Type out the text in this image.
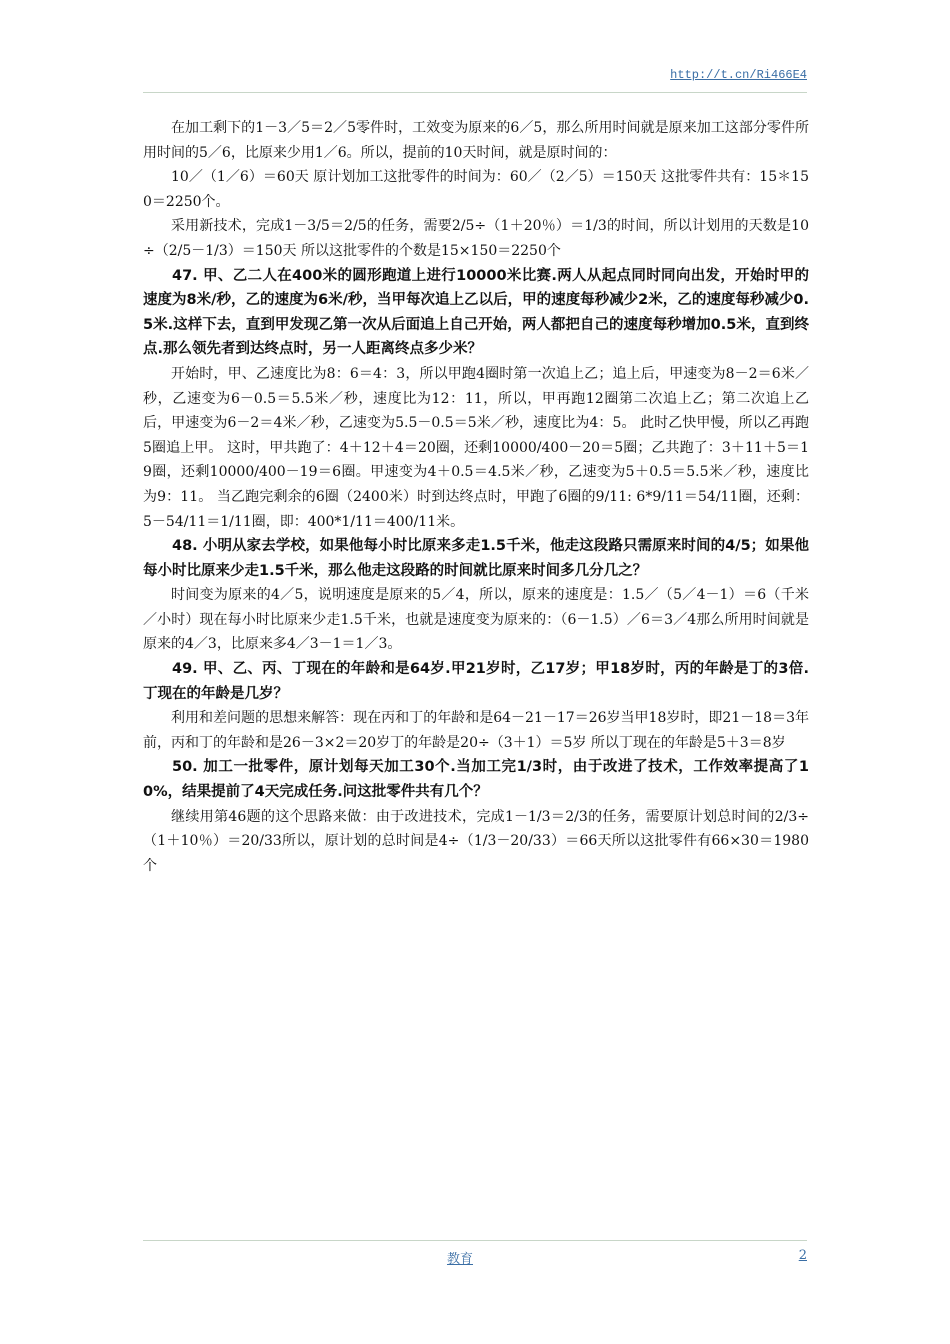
http://t.cn/Ri466E4

在加工剩下的1－3／5＝2／5零件时，工效变为原来的6／5，那么所用时间就是原来加工这部分零件所用时间的5／6，比原来少用1／6。所以，提前的10天时间，就是原时间的：

10／（1／6）＝60天 原计划加工这批零件的时间为：60／（2／5）＝150天 这批零件共有：15＊150＝2250个。

采用新技术，完成1－3/5＝2/5的任务，需要2/5÷（1＋20％）＝1/3的时间，所以计划用的天数是10÷（2/5－1/3）＝150天 所以这批零件的个数是15×150＝2250个

47. 甲、乙二人在400米的圆形跑道上进行10000米比赛.两人从起点同时同向出发，开始时甲的速度为8米/秒，乙的速度为6米/秒，当甲每次追上乙以后，甲的速度每秒减少2米，乙的速度每秒减少0.5米.这样下去，直到甲发现乙第一次从后面追上自己开始，两人都把自己的速度每秒增加0.5米，直到终点.那么领先者到达终点时，另一人距离终点多少米？

开始时，甲、乙速度比为8：6＝4：3，所以甲跑4圈时第一次追上乙；追上后，甲速变为8－2＝6米／秒，乙速变为6－0.5＝5.5米／秒，速度比为12：11，所以，甲再跑12圈第二次追上乙；第二次追上乙后，甲速变为6－2＝4米／秒，乙速变为5.5－0.5＝5米／秒，速度比为4：5。 此时乙快甲慢，所以乙再跑5圈追上甲。 这时，甲共跑了：4＋12＋4＝20圈，还剩10000/400－20＝5圈；乙共跑了：3＋11＋5＝19圈，还剩10000/400－19＝6圈。甲速变为4＋0.5＝4.5米／秒，乙速变为5＋0.5＝5.5米／秒，速度比为9：11。 当乙跑完剩余的6圈（2400米）时到达终点时，甲跑了6圈的9/11: 6*9/11＝54/11圈，还剩：5－54/11＝1/11圈，即：400*1/11＝400/11米。

48. 小明从家去学校，如果他每小时比原来多走1.5千米，他走这段路只需原来时间的4/5；如果他每小时比原来少走1.5千米，那么他走这段路的时间就比原来时间多几分几之？

时间变为原来的4／5，说明速度是原来的5／4，所以，原来的速度是：1.5／（5／4－1）＝6（千米／小时）现在每小时比原来少走1.5千米，也就是速度变为原来的：（6－1.5）／6＝3／4那么所用时间就是原来的4／3，比原来多4／3－1＝1／3。

49. 甲、乙、丙、丁现在的年龄和是64岁.甲21岁时，乙17岁；甲18岁时，丙的年龄是丁的3倍.丁现在的年龄是几岁？

利用和差问题的思想来解答：现在丙和丁的年龄和是64－21－17＝26岁当甲18岁时，即21－18＝3年前，丙和丁的年龄和是26－3×2＝20岁丁的年龄是20÷（3＋1）＝5岁 所以丁现在的年龄是5＋3＝8岁

50. 加工一批零件，原计划每天加工30个.当加工完1/3时，由于改进了技术，工作效率提高了10%，结果提前了4天完成任务.问这批零件共有几个？

继续用第46题的这个思路来做：由于改进技术，完成1－1/3＝2/3的任务，需要原计划总时间的2/3÷（1＋10％）＝20/33所以，原计划的总时间是4÷（1/3－20/33）＝66天所以这批零件有66×30＝1980个

教育	2
